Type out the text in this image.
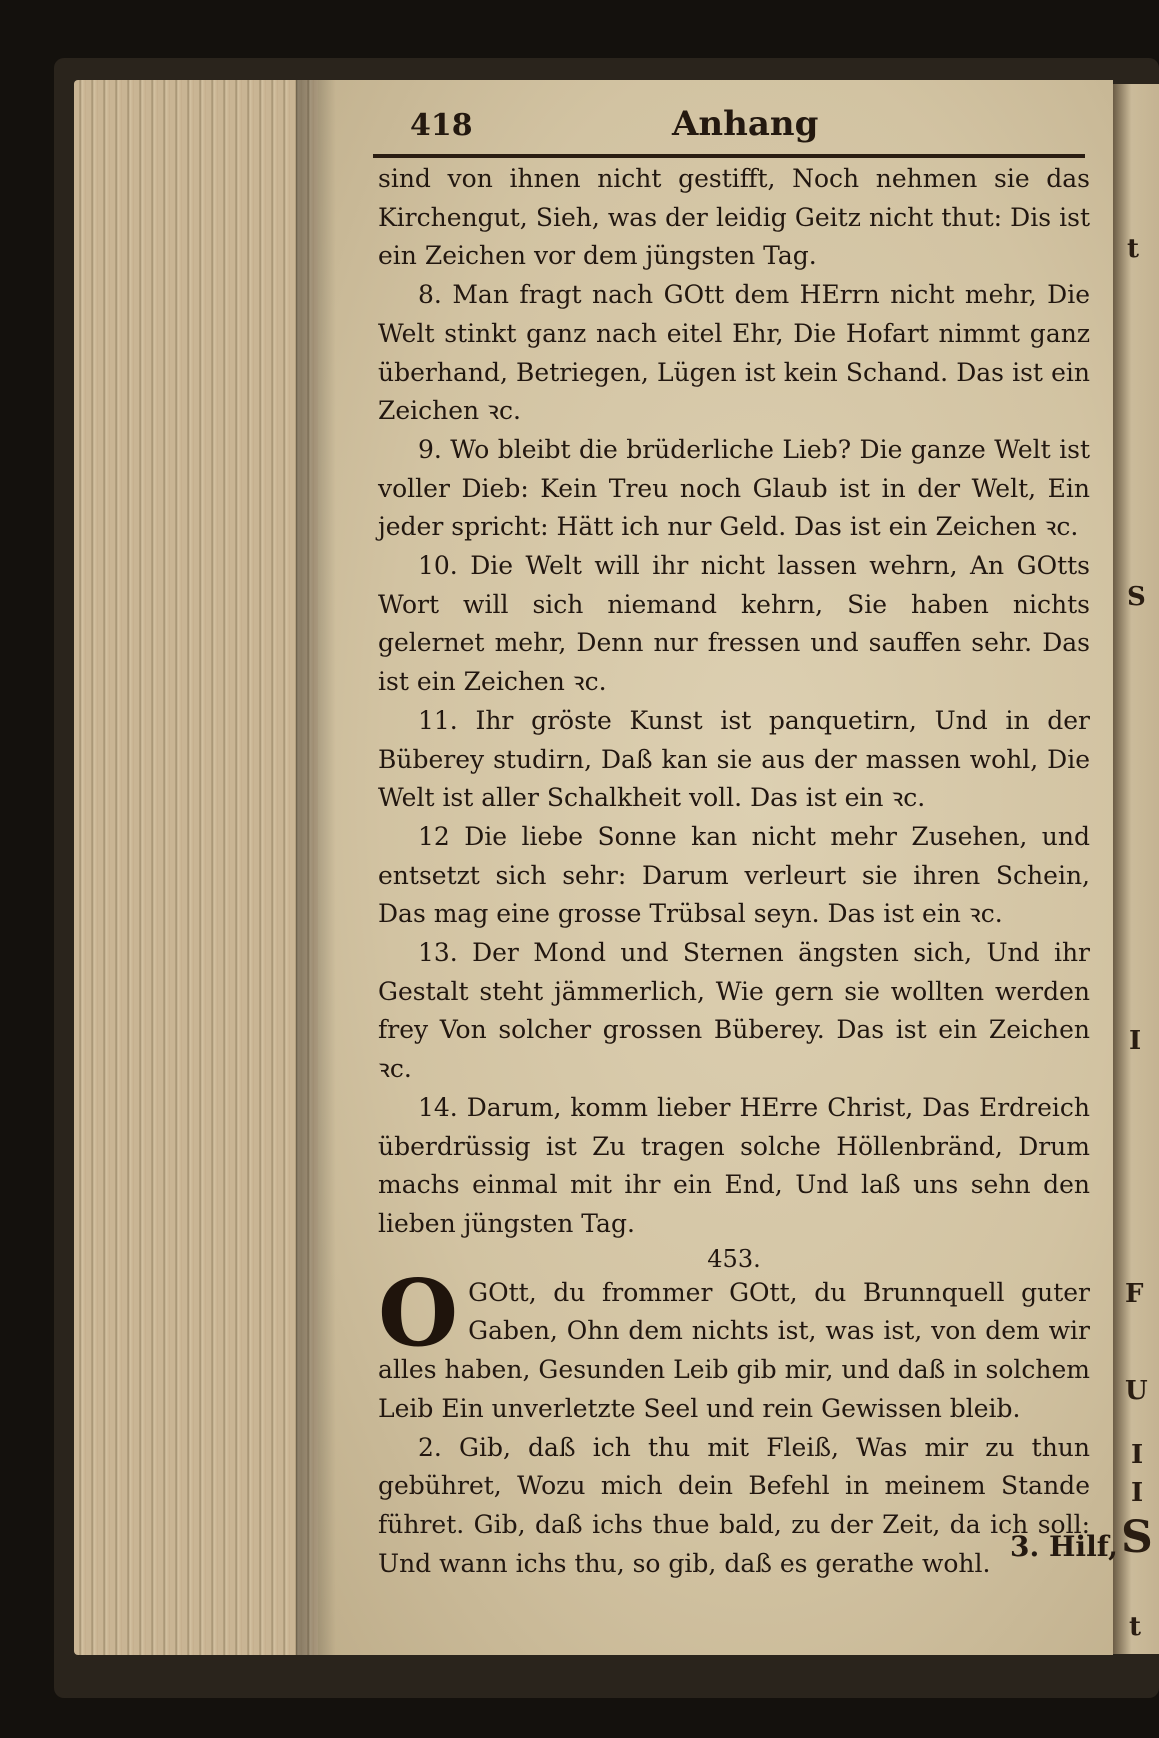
t
S
I
F
U
I
I
S
t
418	Anhang

sind von ihnen nicht gestifft, Noch nehmen sie das Kirchengut, Sieh, was der leidig Geitz nicht thut: Dis ist ein Zeichen vor dem jüngsten Tag.

8. Man fragt nach GOtt dem HErrn nicht mehr, Die Welt stinkt ganz nach eitel Ehr, Die Hofart nimmt ganz überhand, Betriegen, Lügen ist kein Schand. Das ist ein Zeichen ꝛc.

9. Wo bleibt die brüderliche Lieb? Die ganze Welt ist voller Dieb: Kein Treu noch Glaub ist in der Welt, Ein jeder spricht: Hätt ich nur Geld. Das ist ein Zeichen ꝛc.

10. Die Welt will ihr nicht lassen wehrn, An GOtts Wort will sich niemand kehrn, Sie haben nichts gelernet mehr, Denn nur fressen und sauffen sehr. Das ist ein Zeichen ꝛc.

11. Ihr gröste Kunst ist panquetirn, Und in der Büberey studirn, Daß kan sie aus der massen wohl, Die Welt ist aller Schalkheit voll. Das ist ein ꝛc.

12 Die liebe Sonne kan nicht mehr Zusehen, und entsetzt sich sehr: Darum verleurt sie ihren Schein, Das mag eine grosse Trübsal seyn. Das ist ein ꝛc.

13. Der Mond und Sternen ängsten sich, Und ihr Gestalt steht jämmerlich, Wie gern sie wollten werden frey Von solcher grossen Büberey. Das ist ein Zeichen ꝛc.

14. Darum, komm lieber HErre Christ, Das Erdreich überdrüssig ist Zu tragen solche Höllenbränd, Drum machs einmal mit ihr ein End, Und laß uns sehn den lieben jüngsten Tag.

453.

O GOtt, du frommer GOtt, du Brunnquell guter Gaben, Ohn dem nichts ist, was ist, von dem wir alles haben, Gesunden Leib gib mir, und daß in solchem Leib Ein unverletzte Seel und rein Gewissen bleib.

2. Gib, daß ich thu mit Fleiß, Was mir zu thun gebühret, Wozu mich dein Befehl in meinem Stande führet. Gib, daß ichs thue bald, zu der Zeit, da ich soll: Und wann ichs thu, so gib, daß es gerathe wohl.

3. Hilf,
